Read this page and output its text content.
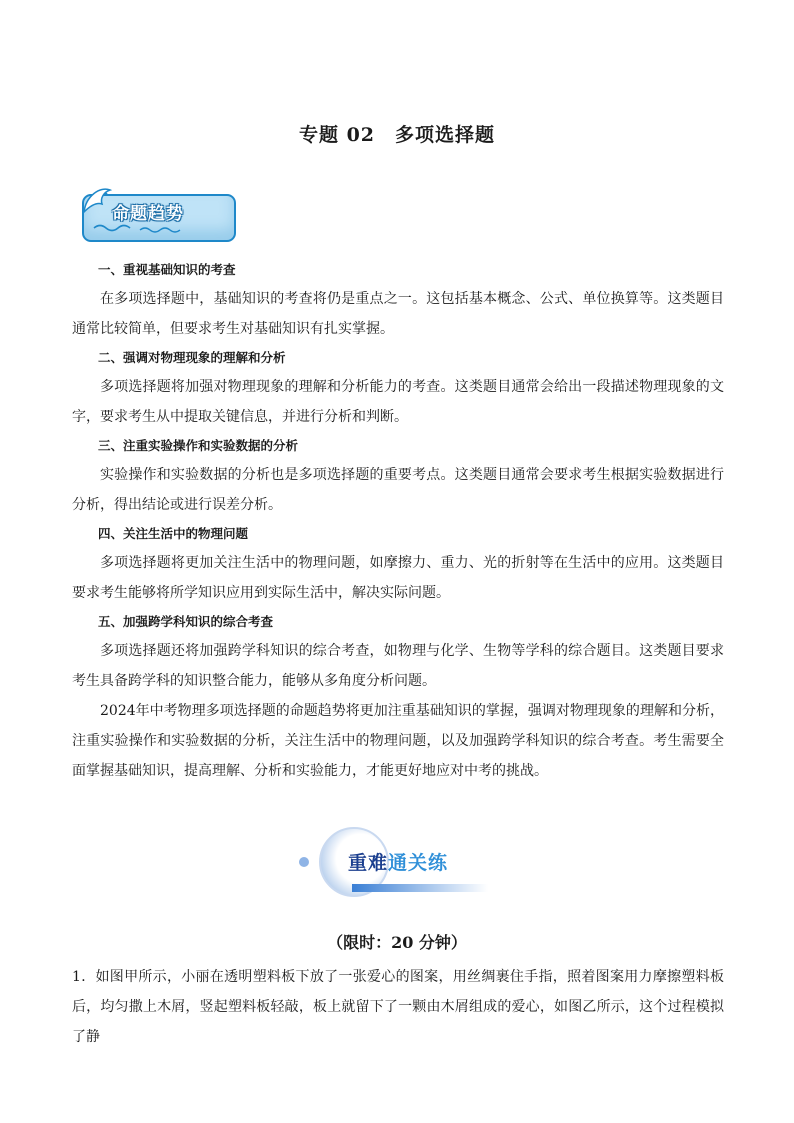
专题 02　多项选择题
命题趋势
一、重视基础知识的考查
在多项选择题中，基础知识的考查将仍是重点之一。这包括基本概念、公式、单位换算等。这类题目通常比较简单，但要求考生对基础知识有扎实掌握。
二、强调对物理现象的理解和分析
多项选择题将加强对物理现象的理解和分析能力的考查。这类题目通常会给出一段描述物理现象的文字，要求考生从中提取关键信息，并进行分析和判断。
三、注重实验操作和实验数据的分析
实验操作和实验数据的分析也是多项选择题的重要考点。这类题目通常会要求考生根据实验数据进行分析，得出结论或进行误差分析。
四、关注生活中的物理问题
多项选择题将更加关注生活中的物理问题，如摩擦力、重力、光的折射等在生活中的应用。这类题目要求考生能够将所学知识应用到实际生活中，解决实际问题。
五、加强跨学科知识的综合考查
多项选择题还将加强跨学科知识的综合考查，如物理与化学、生物等学科的综合题目。这类题目要求考生具备跨学科的知识整合能力，能够从多角度分析问题。
2024年中考物理多项选择题的命题趋势将更加注重基础知识的掌握，强调对物理现象的理解和分析，注重实验操作和实验数据的分析，关注生活中的物理问题，以及加强跨学科知识的综合考查。考生需要全面掌握基础知识，提高理解、分析和实验能力，才能更好地应对中考的挑战。
重难通关练
（限时：20 分钟）
1．如图甲所示，小丽在透明塑料板下放了一张爱心的图案，用丝绸裹住手指，照着图案用力摩擦塑料板后，均匀撒上木屑，竖起塑料板轻敲，板上就留下了一颗由木屑组成的爱心，如图乙所示，这个过程模拟了静
